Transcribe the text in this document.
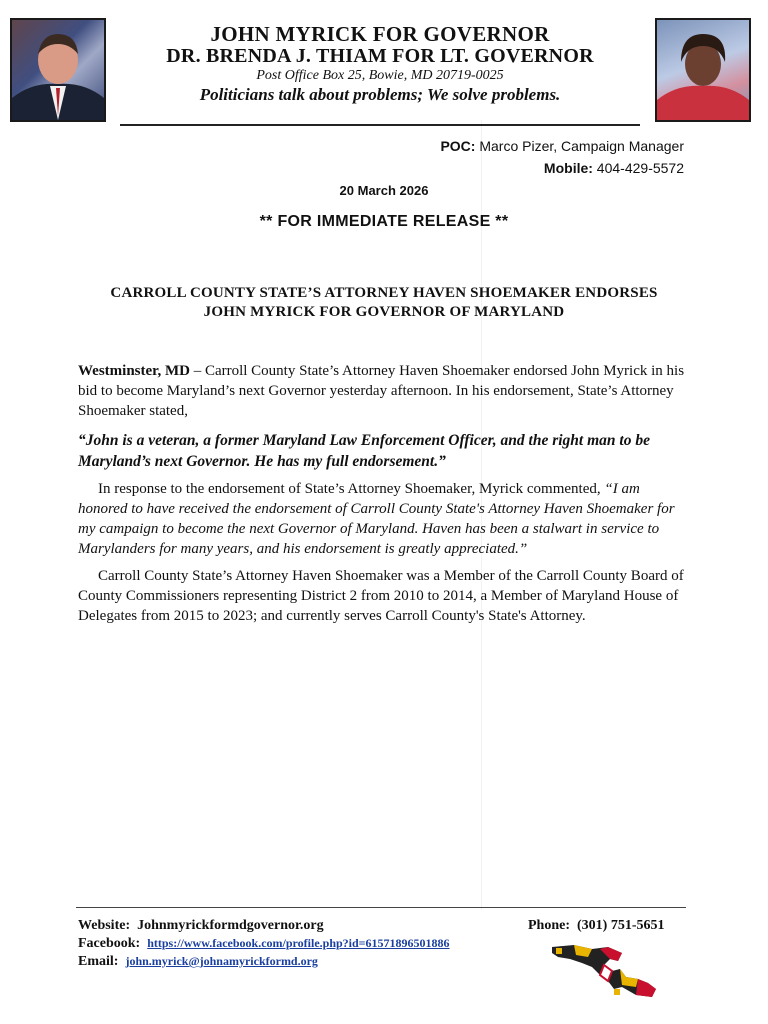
JOHN MYRICK FOR GOVERNOR
DR. BRENDA J. THIAM FOR LT. GOVERNOR
Post Office Box 25, Bowie, MD 20719-0025
Politicians talk about problems; We solve problems.
POC: Marco Pizer, Campaign Manager
Mobile: 404-429-5572
20 March 2026
** FOR IMMEDIATE RELEASE **
CARROLL COUNTY STATE’S ATTORNEY HAVEN SHOEMAKER ENDORSES
JOHN MYRICK FOR GOVERNOR OF MARYLAND
Westminster, MD – Carroll County State’s Attorney Haven Shoemaker endorsed John Myrick in his bid to become Maryland’s next Governor yesterday afternoon. In his endorsement, State’s Attorney Shoemaker stated,
“John is a veteran, a former Maryland Law Enforcement Officer, and the right man to be Maryland’s next Governor. He has my full endorsement.”
In response to the endorsement of State’s Attorney Shoemaker, Myrick commented, “I am honored to have received the endorsement of Carroll County State's Attorney Haven Shoemaker for my campaign to become the next Governor of Maryland. Haven has been a stalwart in service to Marylanders for many years, and his endorsement is greatly appreciated.”
Carroll County State’s Attorney Haven Shoemaker was a Member of the Carroll County Board of County Commissioners representing District 2 from 2010 to 2014, a Member of Maryland House of Delegates from 2015 to 2023; and currently serves Carroll County's State's Attorney.
Website: Johnmyrickformdgovernor.org
Facebook: https://www.facebook.com/profile.php?id=61571896501886
Email: john.myrick@johnamyrickformd.org
Phone: (301) 751-5651
